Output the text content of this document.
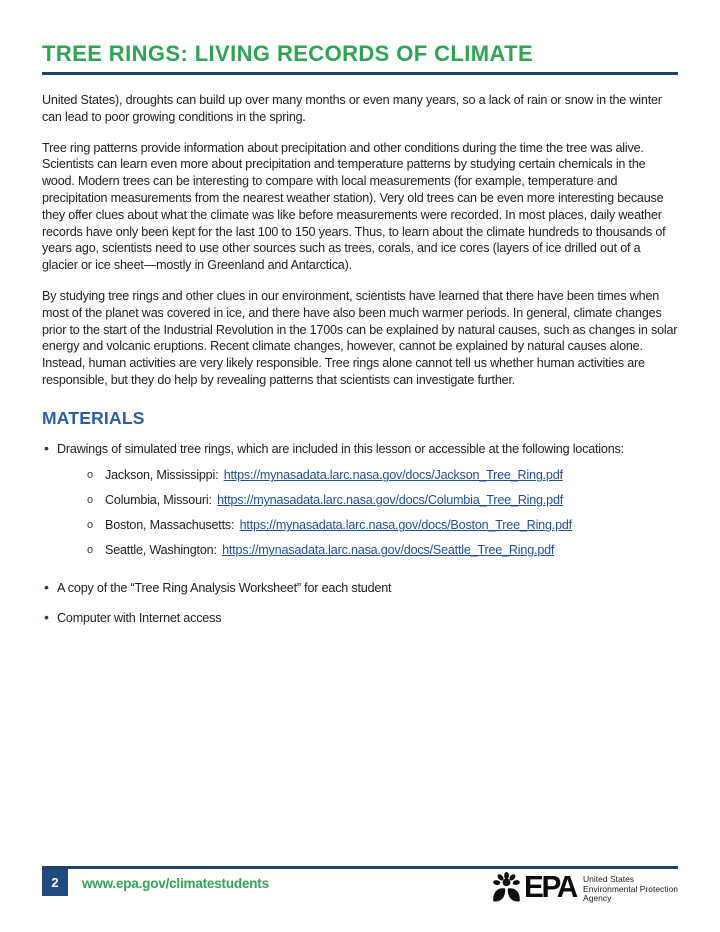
TREE RINGS: LIVING RECORDS OF CLIMATE

United States), droughts can build up over many months or even many years, so a lack of rain or snow in the winter can lead to poor growing conditions in the spring.

Tree ring patterns provide information about precipitation and other conditions during the time the tree was alive. Scientists can learn even more about precipitation and temperature patterns by studying certain chemicals in the wood. Modern trees can be interesting to compare with local measurements (for example, temperature and precipitation measurements from the nearest weather station). Very old trees can be even more interesting because they offer clues about what the climate was like before measurements were recorded. In most places, daily weather records have only been kept for the last 100 to 150 years. Thus, to learn about the climate hundreds to thousands of years ago, scientists need to use other sources such as trees, corals, and ice cores (layers of ice drilled out of a glacier or ice sheet—mostly in Greenland and Antarctica).

By studying tree rings and other clues in our environment, scientists have learned that there have been times when most of the planet was covered in ice, and there have also been much warmer periods. In general, climate changes prior to the start of the Industrial Revolution in the 1700s can be explained by natural causes, such as changes in solar energy and volcanic eruptions. Recent climate changes, however, cannot be explained by natural causes alone. Instead, human activities are very likely responsible. Tree rings alone cannot tell us whether human activities are responsible, but they do help by revealing patterns that scientists can investigate further.

MATERIALS
• Drawings of simulated tree rings, which are included in this lesson or accessible at the following locations:
o Jackson, Mississippi: https://mynasadata.larc.nasa.gov/docs/Jackson_Tree_Ring.pdf
o Columbia, Missouri: https://mynasadata.larc.nasa.gov/docs/Columbia_Tree_Ring.pdf
o Boston, Massachusetts: https://mynasadata.larc.nasa.gov/docs/Boston_Tree_Ring.pdf
o Seattle, Washington: https://mynasadata.larc.nasa.gov/docs/Seattle_Tree_Ring.pdf
• A copy of the “Tree Ring Analysis Worksheet” for each student
• Computer with Internet access
2	www.epa.gov/climatestudents	EPA United States
Environmental Protection
Agency
